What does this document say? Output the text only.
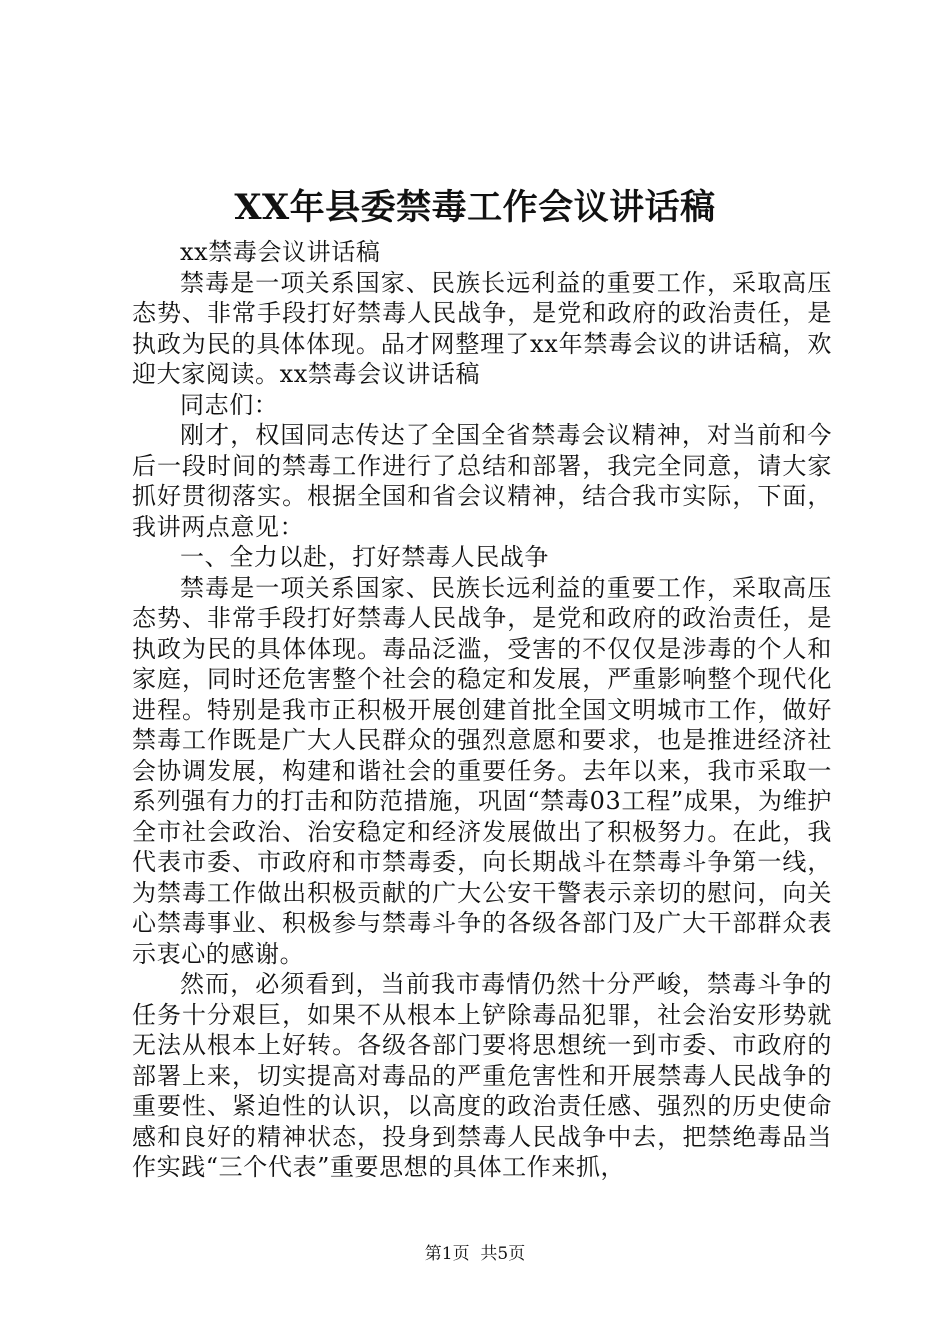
XX年县委禁毒工作会议讲话稿

xx禁毒会议讲话稿

禁毒是一项关系国家、民族长远利益的重要工作，采取高压态势、非常手段打好禁毒人民战争，是党和政府的政治责任，是执政为民的具体体现。品才网整理了xx年禁毒会议的讲话稿，欢迎大家阅读。xx禁毒会议讲话稿

同志们：

刚才，权国同志传达了全国全省禁毒会议精神，对当前和今后一段时间的禁毒工作进行了总结和部署，我完全同意，请大家抓好贯彻落实。根据全国和省会议精神，结合我市实际，下面，我讲两点意见：

一、全力以赴，打好禁毒人民战争

禁毒是一项关系国家、民族长远利益的重要工作，采取高压态势、非常手段打好禁毒人民战争，是党和政府的政治责任，是执政为民的具体体现。毒品泛滥，受害的不仅仅是涉毒的个人和家庭，同时还危害整个社会的稳定和发展，严重影响整个现代化进程。特别是我市正积极开展创建首批全国文明城市工作，做好禁毒工作既是广大人民群众的强烈意愿和要求，也是推进经济社会协调发展，构建和谐社会的重要任务。去年以来，我市采取一系列强有力的打击和防范措施，巩固“禁毒03工程”成果，为维护全市社会政治、治安稳定和经济发展做出了积极努力。在此，我代表市委、市政府和市禁毒委，向长期战斗在禁毒斗争第一线，为禁毒工作做出积极贡献的广大公安干警表示亲切的慰问，向关心禁毒事业、积极参与禁毒斗争的各级各部门及广大干部群众表示衷心的感谢。

然而，必须看到，当前我市毒情仍然十分严峻，禁毒斗争的任务十分艰巨，如果不从根本上铲除毒品犯罪，社会治安形势就无法从根本上好转。各级各部门要将思想统一到市委、市政府的部署上来，切实提高对毒品的严重危害性和开展禁毒人民战争的重要性、紧迫性的认识，以高度的政治责任感、强烈的历史使命感和良好的精神状态，投身到禁毒人民战争中去，把禁绝毒品当作实践“三个代表”重要思想的具体工作来抓，

第1页 共5页
